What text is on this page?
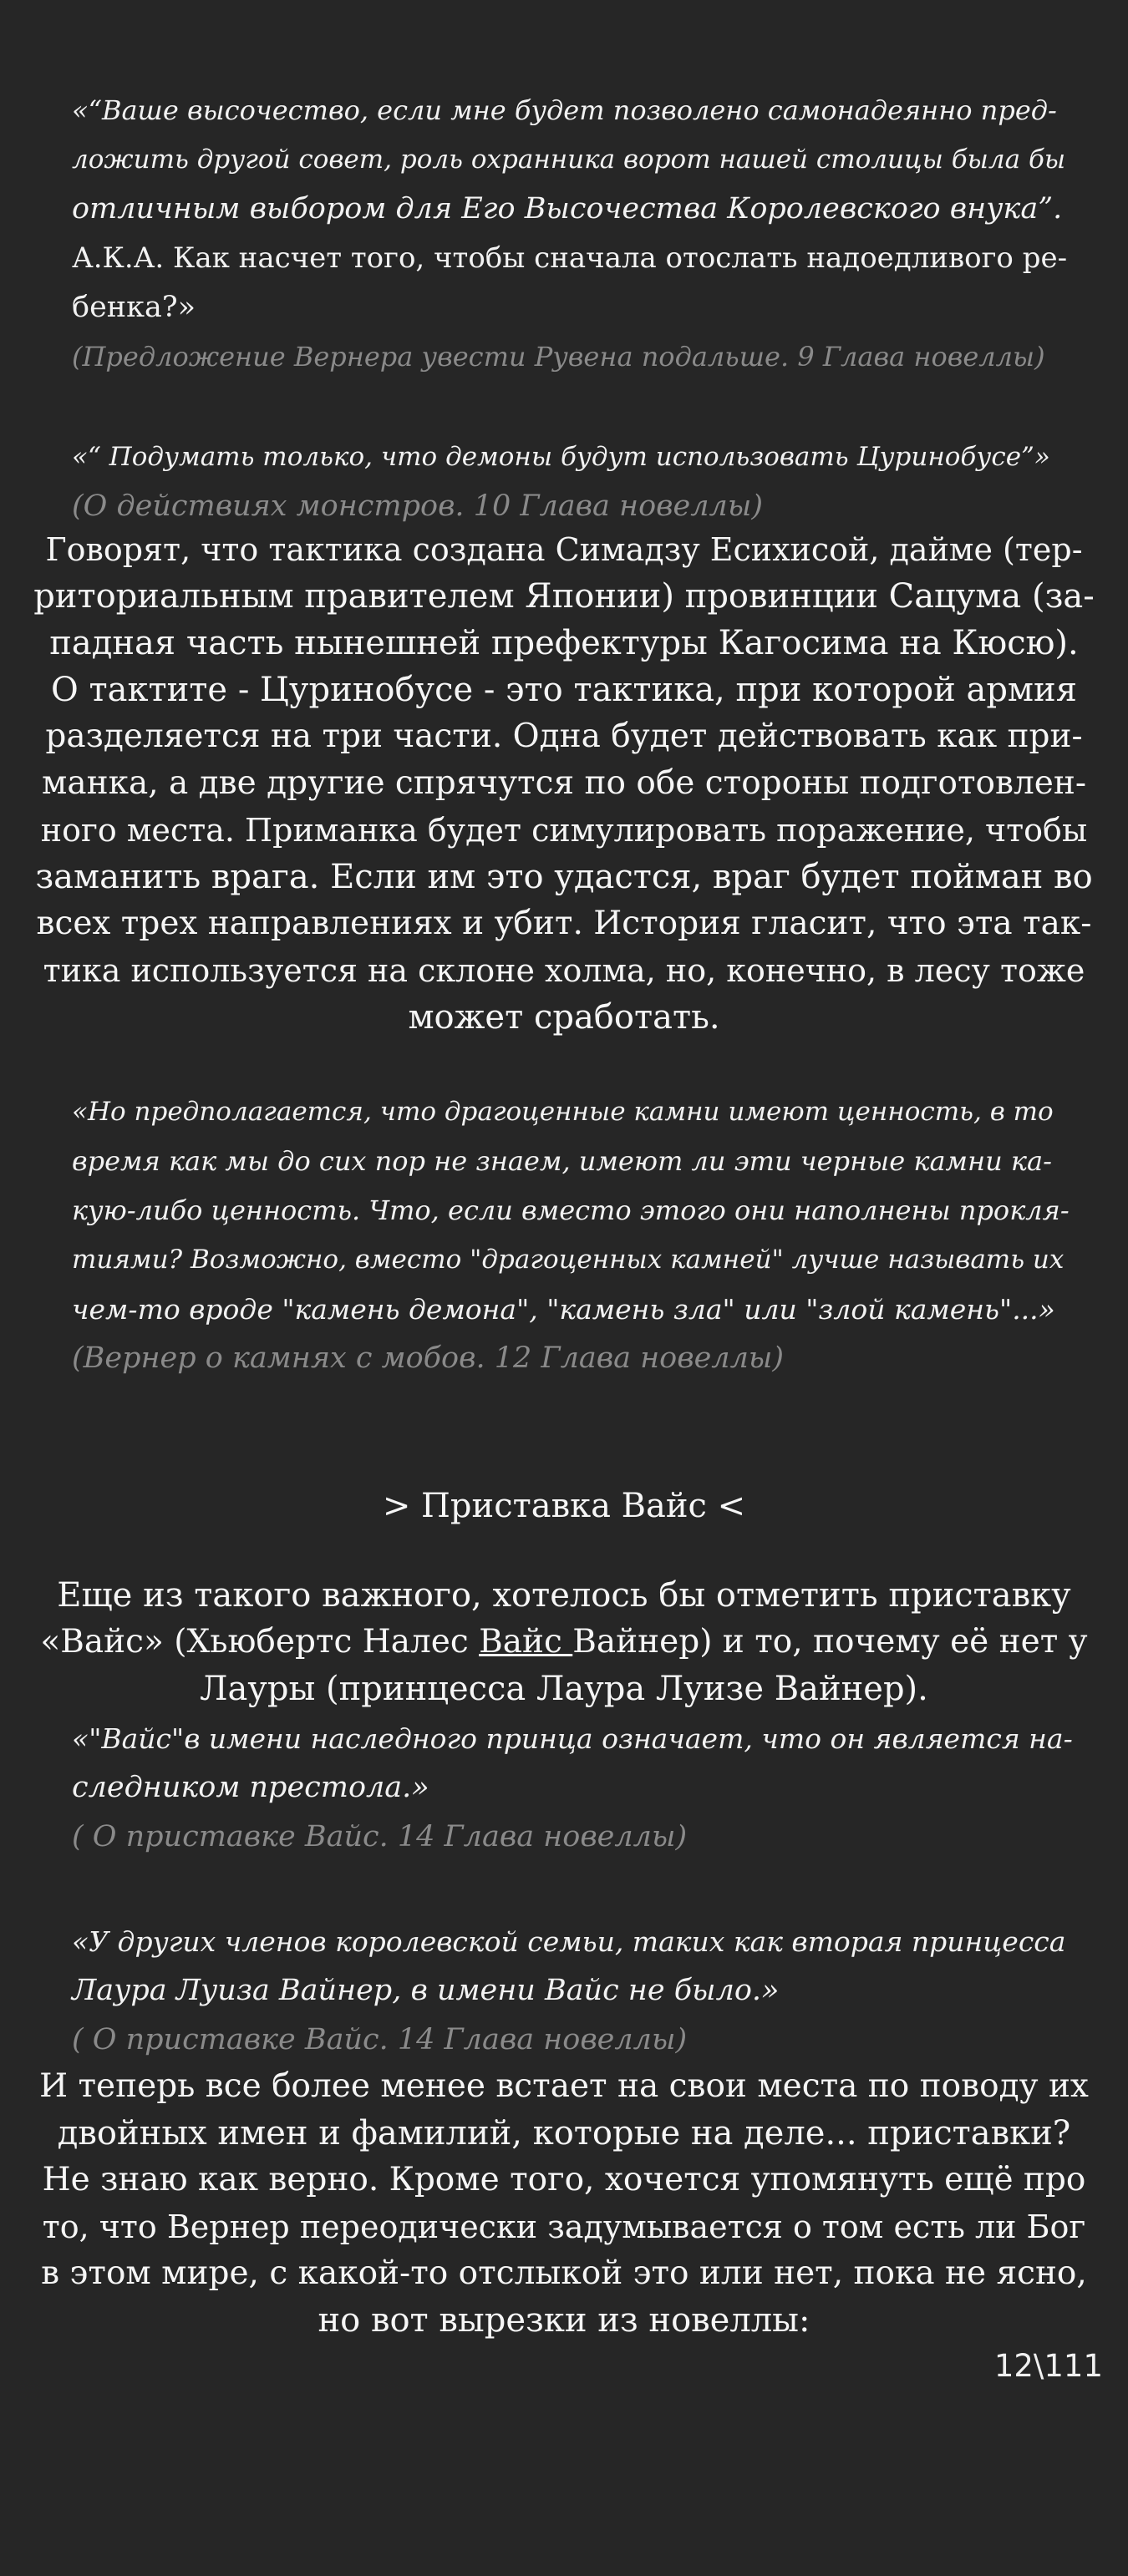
«“Ваше высочество, если мне будет позволено самонадеянно пред-
ложить другой совет, роль охранника ворот нашей столицы была бы
отличным выбором для Его Высочества Королевского внука”.
А.К.А. Как насчет того, чтобы сначала отослать надоедливого ре-
бенка?»
(Предложение Вернера увести Рувена подальше. 9 Глава новеллы)
«“ Подумать только, что демоны будут использовать Цуринобусе”»
(О действиях монстров. 10 Глава новеллы)
Говорят, что тактика создана Симадзу Есихисой, дайме (тер-
риториальным правителем Японии) провинции Сацума (за-
падная часть нынешней префектуры Кагосима на Кюсю).
О тактите - Цуринобусе - это тактика, при которой армия
разделяется на три части. Одна будет действовать как при-
манка, а две другие спрячутся по обе стороны подготовлен-
ного места. Приманка будет симулировать поражение, чтобы
заманить врага. Если им это удастся, враг будет пойман во
всех трех направлениях и убит. История гласит, что эта так-
тика используется на склоне холма, но, конечно, в лесу тоже
может сработать.
«Но предполагается, что драгоценные камни имеют ценность, в то
время как мы до сих пор не знаем, имеют ли эти черные камни ка-
кую-либо ценность. Что, если вместо этого они наполнены прокля-
тиями? Возможно, вместо "драгоценных камней" лучше называть их
чем-то вроде "камень демона", "камень зла" или "злой камень"...»
(Вернер о камнях с мобов. 12 Глава новеллы)
> Приставка Вайс <
Еще из такого важного, хотелось бы отметить приставку
«Вайс» (Хьюбертс Налес Вайс Вайнер) и то, почему её нет у
Лауры (принцесса Лаура Луизе Вайнер).
«"Вайс"в имени наследного принца означает, что он является на-
следником престола.»
( О приставке Вайс. 14 Глава новеллы)
«У других членов королевской семьи, таких как вторая принцесса
Лаура Луиза Вайнер, в имени Вайс не было.»
( О приставке Вайс. 14 Глава новеллы)
И теперь все более менее встает на свои места по поводу их
двойных имен и фамилий, которые на деле... приставки?
Не знаю как верно. Кроме того, хочется упомянуть ещё про
то, что Вернер переодически задумывается о том есть ли Бог
в этом мире, с какой-то отслыкой это или нет, пока не ясно,
но вот вырезки из новеллы:
12\111
